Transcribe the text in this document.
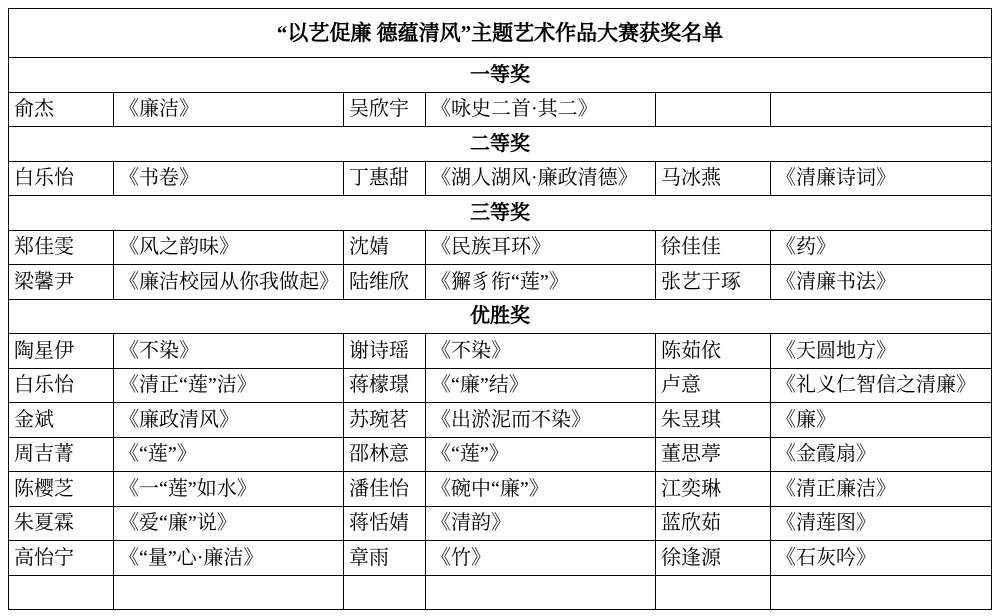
“以艺促廉 德蕴清风”主题艺术作品大赛获奖名单					
一等奖					
俞杰	《廉洁》	吴欣宇	《咏史二首·其二》		
二等奖					
白乐怡	《书卷》	丁惠甜	《湖人湖风·廉政清德》	马冰燕	《清廉诗词》
三等奖					
郑佳雯	《风之韵味》	沈婧	《民族耳环》	徐佳佳	《药》
梁馨尹	《廉洁校园从你我做起》	陆维欣	《獬豸衔“莲”》	张艺于琢	《清廉书法》
优胜奖					
陶星伊	《不染》	谢诗瑶	《不染》	陈茹依	《天圆地方》
白乐怡	《清正“莲”洁》	蒋檬璟	《“廉”结》	卢意	《礼义仁智信之清廉》
金斌	《廉政清风》	苏琬茗	《出淤泥而不染》	朱昱琪	《廉》
周吉菁	《“莲”》	邵林意	《“莲”》	董思葶	《金霞扇》
陈樱芝	《一“莲”如水》	潘佳怡	《碗中“廉”》	江奕琳	《清正廉洁》
朱夏霖	《爱“廉”说》	蒋恬婧	《清韵》	蓝欣茹	《清莲图》
高怡宁	《“量”心·廉洁》	章雨	《竹》	徐逢源	《石灰吟》
